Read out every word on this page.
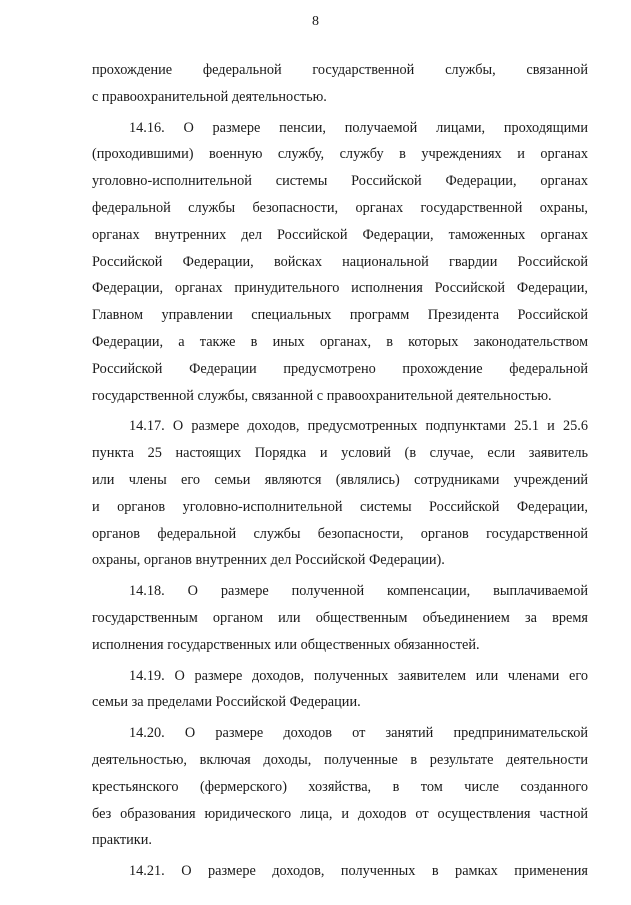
8
прохождение федеральной государственной службы, связанной
с правоохранительной деятельностью.
14.16. О размере пенсии, получаемой лицами, проходящими
(проходившими) военную службу, службу в учреждениях и органах
уголовно-исполнительной системы Российской Федерации, органах
федеральной службы безопасности, органах государственной охраны,
органах внутренних дел Российской Федерации, таможенных органах
Российской Федерации, войсках национальной гвардии Российской
Федерации, органах принудительного исполнения Российской Федерации,
Главном управлении специальных программ Президента Российской
Федерации, а также в иных органах, в которых законодательством
Российской Федерации предусмотрено прохождение федеральной
государственной службы, связанной с правоохранительной деятельностью.
14.17. О размере доходов, предусмотренных подпунктами 25.1 и 25.6
пункта 25 настоящих Порядка и условий (в случае, если заявитель
или члены его семьи являются (являлись) сотрудниками учреждений
и органов уголовно-исполнительной системы Российской Федерации,
органов федеральной службы безопасности, органов государственной
охраны, органов внутренних дел Российской Федерации).
14.18. О размере полученной компенсации, выплачиваемой
государственным органом или общественным объединением за время
исполнения государственных или общественных обязанностей.
14.19. О размере доходов, полученных заявителем или членами его
семьи за пределами Российской Федерации.
14.20. О размере доходов от занятий предпринимательской
деятельностью, включая доходы, полученные в результате деятельности
крестьянского (фермерского) хозяйства, в том числе созданного
без образования юридического лица, и доходов от осуществления частной
практики.
14.21. О размере доходов, полученных в рамках применения
